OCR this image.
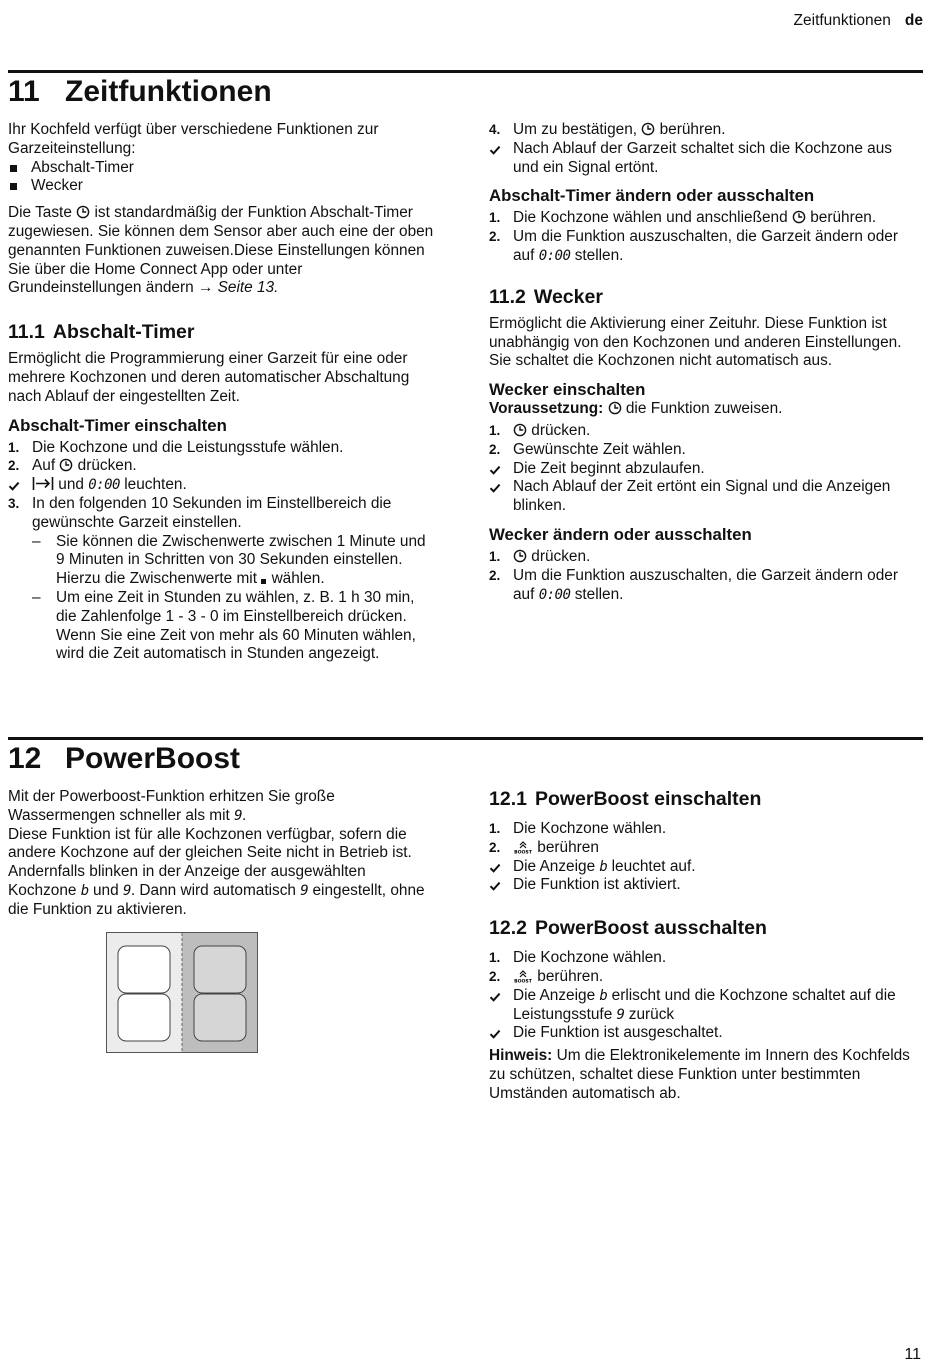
Zeitfunktionen de
11 Zeitfunktionen

Ihr Kochfeld verfügt über verschiedene Funktionen zur Garzeiteinstellung:

Abschalt-Timer
Wecker

Die Taste ist standardmäßig der Funktion Abschalt-Timer zugewiesen. Sie können dem Sensor aber auch eine der oben genannten Funktionen zuweisen.Diese Einstellungen können Sie über die Home Connect App oder unter Grundeinstellungen ändern → Seite 13.

11.1 Abschalt-Timer

Ermöglicht die Programmierung einer Garzeit für eine oder mehrere Kochzonen und deren automatischer Abschaltung nach Ablauf der eingestellten Zeit.

Abschalt-Timer einschalten
1. Die Kochzone und die Leistungsstufe wählen.
2. Auf drücken.
und 0:00 leuchten.
3. In den folgenden 10 Sekunden im Einstellbereich die gewünschte Garzeit einstellen.
– Sie können die Zwischenwerte zwischen 1 Minute und 9 Minuten in Schritten von 30 Sekunden einstellen. Hierzu die Zwischenwerte mit wählen.
– Um eine Zeit in Stunden zu wählen, z. B. 1 h 30 min, die Zahlenfolge 1 - 3 - 0 im Einstellbereich drücken. Wenn Sie eine Zeit von mehr als 60 Minuten wählen, wird die Zeit automatisch in Stunden angezeigt.
4. Um zu bestätigen, berühren.
Nach Ablauf der Garzeit schaltet sich die Kochzone aus und ein Signal ertönt.
Abschalt-Timer ändern oder ausschalten
1. Die Kochzone wählen und anschließend berühren.
2. Um die Funktion auszuschalten, die Garzeit ändern oder auf 0:00 stellen.
11.2 Wecker

Ermöglicht die Aktivierung einer Zeituhr. Diese Funktion ist unabhängig von den Kochzonen und anderen Einstellungen. Sie schaltet die Kochzonen nicht automatisch aus.

Wecker einschalten

Voraussetzung: die Funktion zuweisen.

1. drücken.
2. Gewünschte Zeit wählen.
Die Zeit beginnt abzulaufen.
Nach Ablauf der Zeit ertönt ein Signal und die Anzeigen blinken.
Wecker ändern oder ausschalten
1. drücken.
2. Um die Funktion auszuschalten, die Garzeit ändern oder auf 0:00 stellen.
12 PowerBoost

Mit der Powerboost-Funktion erhitzen Sie große Wassermengen schneller als mit 9.

Diese Funktion ist für alle Kochzonen verfügbar, sofern die andere Kochzone auf der gleichen Seite nicht in Betrieb ist. Andernfalls blinken in der Anzeige der ausgewählten Kochzone b und 9. Dann wird automatisch 9 eingestellt, ohne die Funktion zu aktivieren.

12.1 PowerBoost einschalten
1. Die Kochzone wählen.
2.	BOOST berühren
Die Anzeige b leuchtet auf.
Die Funktion ist aktiviert.
12.2 PowerBoost ausschalten
1. Die Kochzone wählen.
2.	BOOST berühren.
Die Anzeige b erlischt und die Kochzone schaltet auf die Leistungsstufe 9 zurück
Die Funktion ist ausgeschaltet.

Hinweis: Um die Elektronikelemente im Innern des Kochfelds zu schützen, schaltet diese Funktion unter bestimmten Umständen automatisch ab.

11
